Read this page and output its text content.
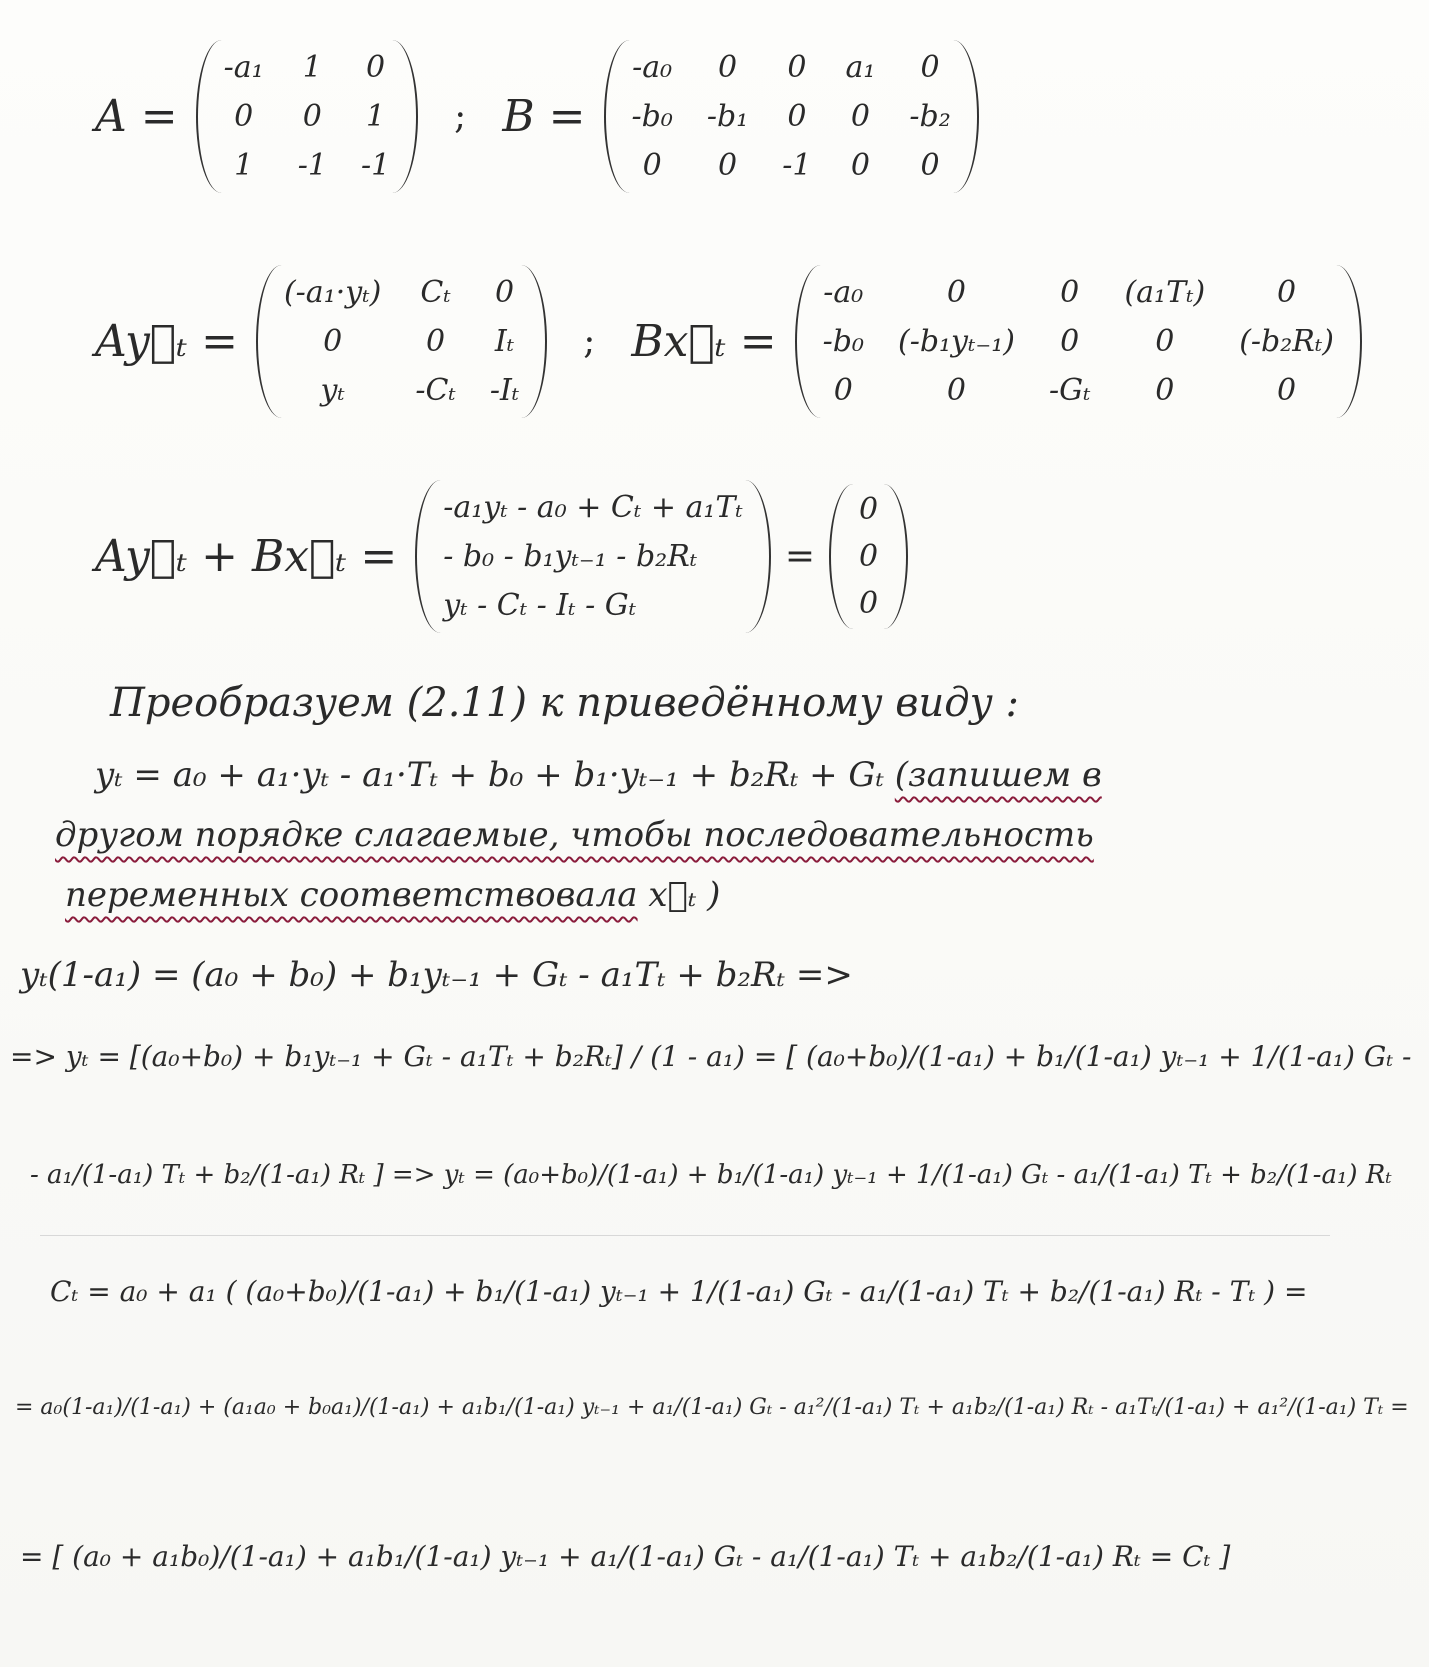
A =
-a₁ 1 0
0	0 1
1	-1 -1
; B =
-a₀	0	0 a₁	0
-b₀ -b₁ 0 0 -b₂
0	0	-1 0	0
Ay⃗ₜ =
(-a₁·yₜ) Cₜ 0
0	0	Iₜ
yₜ	-Cₜ -Iₜ
; Bx⃗ₜ =
-a₀	0	0	(a₁Tₜ)	0
-b₀ (-b₁yₜ₋₁)	0	0	(-b₂Rₜ)
0	0	-Gₜ	0	0
Ay⃗ₜ + Bx⃗ₜ =
-a₁yₜ - a₀ + Cₜ + a₁Tₜ
- b₀ - b₁yₜ₋₁ - b₂Rₜ
yₜ - Cₜ - Iₜ - Gₜ
=
0
0
0
Преобразуем (2.11) к приведённому виду :
yₜ = a₀ + a₁·yₜ - a₁·Tₜ + b₀ + b₁·yₜ₋₁ + b₂Rₜ + Gₜ (запишем в
другом порядке слагаемые, чтобы последовательность
переменных соответствовала x⃗ₜ )
yₜ(1-a₁) = (a₀ + b₀) + b₁yₜ₋₁ + Gₜ - a₁Tₜ + b₂Rₜ =>
=> yₜ = [(a₀+b₀) + b₁yₜ₋₁ + Gₜ - a₁Tₜ + b₂Rₜ] / (1 - a₁) = [ (a₀+b₀)/(1-a₁) + b₁/(1-a₁) yₜ₋₁ + 1/(1-a₁) Gₜ -
- a₁/(1-a₁) Tₜ + b₂/(1-a₁) Rₜ ] => yₜ = (a₀+b₀)/(1-a₁) + b₁/(1-a₁) yₜ₋₁ + 1/(1-a₁) Gₜ - a₁/(1-a₁) Tₜ + b₂/(1-a₁) Rₜ
Cₜ = a₀ + a₁ ( (a₀+b₀)/(1-a₁) + b₁/(1-a₁) yₜ₋₁ + 1/(1-a₁) Gₜ - a₁/(1-a₁) Tₜ + b₂/(1-a₁) Rₜ - Tₜ ) =
= a₀(1-a₁)/(1-a₁) + (a₁a₀ + b₀a₁)/(1-a₁) + a₁b₁/(1-a₁) yₜ₋₁ + a₁/(1-a₁) Gₜ - a₁²/(1-a₁) Tₜ + a₁b₂/(1-a₁) Rₜ - a₁Tₜ/(1-a₁) + a₁²/(1-a₁) Tₜ =
= [ (a₀ + a₁b₀)/(1-a₁) + a₁b₁/(1-a₁) yₜ₋₁ + a₁/(1-a₁) Gₜ - a₁/(1-a₁) Tₜ + a₁b₂/(1-a₁) Rₜ = Cₜ ]
